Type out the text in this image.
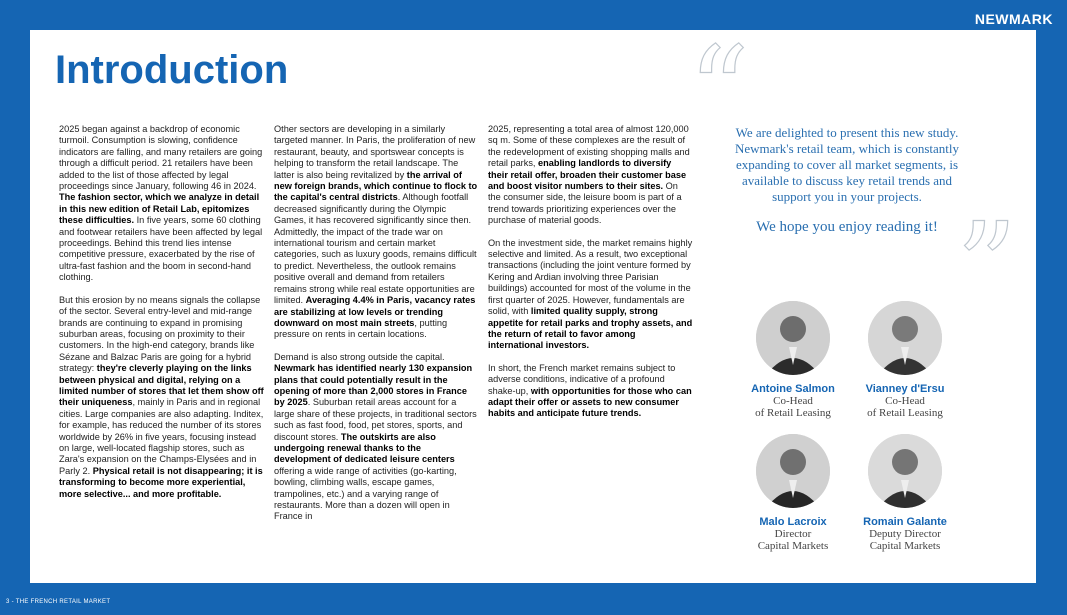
NEWMARK
Introduction

2025 began against a backdrop of economic turmoil. Consumption is slowing, confidence indicators are falling, and many retailers are going through a difficult period. 21 retailers have been added to the list of those affected by legal proceedings since January, following 46 in 2024. The fashion sector, which we analyze in detail in this new edition of Retail Lab, epitomizes these difficulties. In five years, some 60 clothing and footwear retailers have been affected by legal proceedings. Behind this trend lies intense competitive pressure, exacerbated by the rise of ultra-fast fashion and the boom in second-hand clothing.

But this erosion by no means signals the collapse of the sector. Several entry-level and mid-range brands are continuing to expand in promising suburban areas, focusing on proximity to their customers. In the high-end category, brands like Sézane and Balzac Paris are going for a hybrid strategy: they're cleverly playing on the links between physical and digital, relying on a limited number of stores that let them show off their uniqueness, mainly in Paris and in regional cities. Large companies are also adapting. Inditex, for example, has reduced the number of its stores worldwide by 26% in five years, focusing instead on large, well-located flagship stores, such as Zara's expansion on the Champs-Elysées and in Parly 2. Physical retail is not disappearing; it is transforming to become more experiential, more selective... and more profitable.

Other sectors are developing in a similarly targeted manner. In Paris, the proliferation of new restaurant, beauty, and sportswear concepts is helping to transform the retail landscape. The latter is also being revitalized by the arrival of new foreign brands, which continue to flock to the capital's central districts. Although footfall decreased significantly during the Olympic Games, it has recovered significantly since then. Admittedly, the impact of the trade war on international tourism and certain market categories, such as luxury goods, remains difficult to predict. Nevertheless, the outlook remains positive overall and demand from retailers remains strong while real estate opportunities are limited. Averaging 4.4% in Paris, vacancy rates are stabilizing at low levels or trending downward on most main streets, putting pressure on rents in certain locations.

Demand is also strong outside the capital. Newmark has identified nearly 130 expansion plans that could potentially result in the opening of more than 2,000 stores in France by 2025. Suburban retail areas account for a large share of these projects, in traditional sectors such as fast food, food, pet stores, sports, and discount stores. The outskirts are also undergoing renewal thanks to the development of dedicated leisure centers offering a wide range of activities (go-karting, bowling, climbing walls, escape games, trampolines, etc.) and a varying range of restaurants. More than a dozen will open in France in

2025, representing a total area of almost 120,000 sq m. Some of these complexes are the result of the redevelopment of existing shopping malls and retail parks, enabling landlords to diversify their retail offer, broaden their customer base and boost visitor numbers to their sites. On the consumer side, the leisure boom is part of a trend towards prioritizing experiences over the purchase of material goods.

On the investment side, the market remains highly selective and limited. As a result, two exceptional transactions (including the joint venture formed by Kering and Ardian involving three Parisian buildings) accounted for most of the volume in the first quarter of 2025. However, fundamentals are solid, with limited quality supply, strong appetite for retail parks and trophy assets, and the return of retail to favor among international investors.

In short, the French market remains subject to adverse conditions, indicative of a profound shake-up, with opportunities for those who can adapt their offer or assets to new consumer habits and anticipate future trends.

“

We are delighted to present this new study. Newmark's retail team, which is constantly expanding to cover all market segments, is available to discuss key retail trends and support you in your projects.

We hope you enjoy reading it! ”
Antoine Salmon
Co-Head
of Retail Leasing
Vianney d'Ersu
Co-Head
of Retail Leasing
Malo Lacroix
Director
Capital Markets
Romain Galante
Deputy Director
Capital Markets
3 - THE FRENCH RETAIL MARKET
